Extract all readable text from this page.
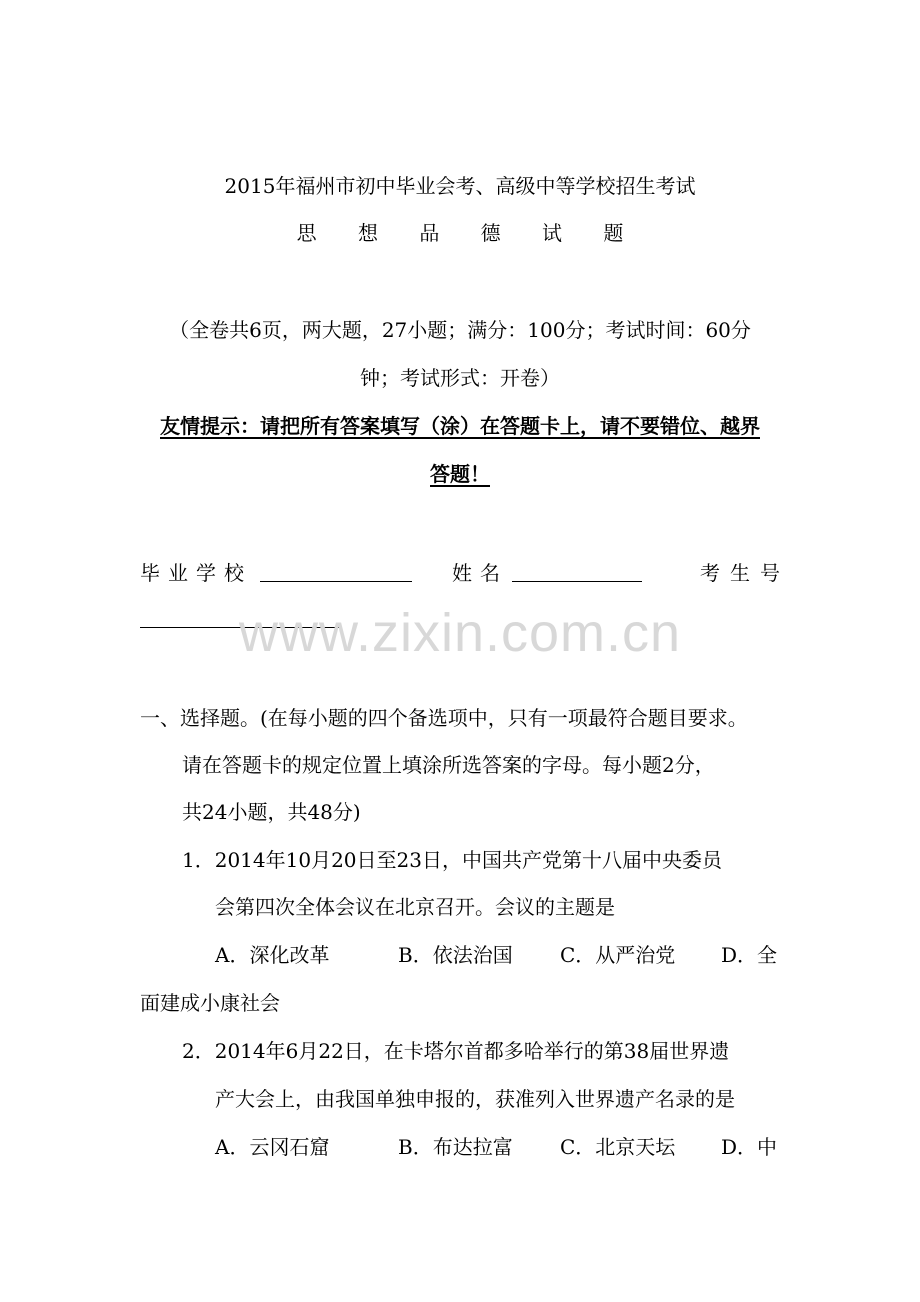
2015年福州市初中毕业会考、高级中等学校招生考试
思 想 品 德 试 题
（全卷共6页，两大题，27小题；满分：100分；考试时间：60分
钟；考试形式：开卷）
友情提示：请把所有答案填写（涂）在答题卡上，请不要错位、越界
答题！
毕业学校	姓名	考生号
www.zixin.com.cn
一、选择题。(在每小题的四个备选项中，只有一项最符合题目要求。
请在答题卡的规定位置上填涂所选答案的字母。每小题2分，
共24小题，共48分)
1．2014年10月20日至23日，中国共产党第十八届中央委员
会第四次全体会议在北京召开。会议的主题是
A．深化改革	B．依法治国 C．从严治党 D．全
面建成小康社会
2．2014年6月22日，在卡塔尔首都多哈举行的第38届世界遗
产大会上，由我国单独申报的，获准列入世界遗产名录的是
A．云冈石窟	B．布达拉富 C．北京天坛 D．中
